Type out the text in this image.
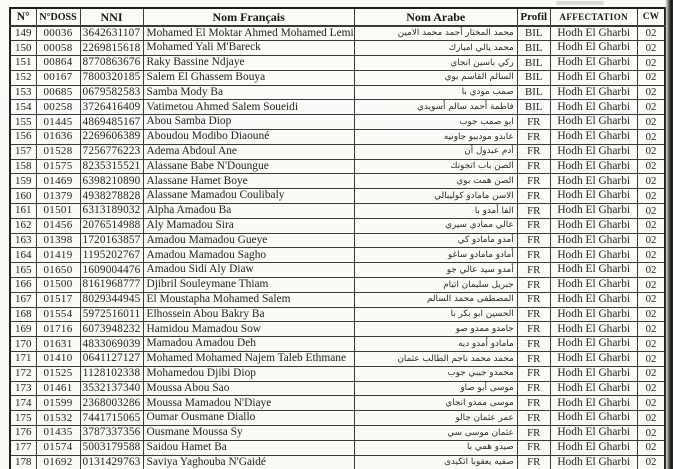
N°	N°DOSS	NNI	Nom Français	Nom Arabe	Profil	AFFECTATION	CW
149	00036	3642631107	Mohamed El Moktar Ahmed Mohamed Lemi	محمد المختار أحمد محمد الامين	BIL	Hodh El Gharbi	02
150	00058	2269815618	Mohamed Yali M'Bareck	محمد يالي امبارك	BIL	Hodh El Gharbi	02
151	00864	8770863676	Raky Bassine Ndjaye	ركي باسين انجاي	BIL	Hodh El Gharbi	02
152	00167	7800320185	Salem El Ghassem Bouya	السالم القاسم بوي	BIL	Hodh El Gharbi	02
153	00685	0679582583	Samba Mody Ba	صمب مودي با	BIL	Hodh El Gharbi	02
154	00258	3726416409	Vatimetou Ahmed Salem Soueidi	فاطمة أحمد سالم أسويدي	BIL	Hodh El Gharbi	02
155	01445	4869485167	Abou Samba Diop	ابو صمب جوب	FR	Hodh El Gharbi	02
156	01636	2269606389	Aboudou Modibo Diaouné	عابدو موديبو جاونيه	FR	Hodh El Gharbi	02
157	01528	7256776223	Adema Abdoul Ane	أدم عبدول أن	FR	Hodh El Gharbi	02
158	01575	8235315521	Alassane Babe N'Doungue	الصن باب اتجونك	FR	Hodh El Gharbi	02
159	01469	6398210890	Alassane Hamet Boye	الصن همت بوي	FR	Hodh El Gharbi	02
160	01379	4938278828	Alassane Mamadou Coulibaly	الاسن مامادو كوليبالي	FR	Hodh El Gharbi	02
161	01501	6313189032	Alpha Amadou Ba	الفا أمدو با	FR	Hodh El Gharbi	02
162	01456	2076514988	Aly Mamadou Sira	عالي ممادي سيري	FR	Hodh El Gharbi	02
163	01398	1720163857	Amadou Mamadou Gueye	أمدو مامادو كي	FR	Hodh El Gharbi	02
164	01419	1195202767	Amadou Mamadou Sagho	أمادو مامادو ساغو	FR	Hodh El Gharbi	02
165	01650	1609004476	Amadou Sidi Aly Diaw	أمدو سيد عالي جو	FR	Hodh El Gharbi	02
166	01500	8161968777	Djibril Souleymane Thiam	جبريل سليمان اتيام	FR	Hodh El Gharbi	02
167	01517	8029344945	El Moustapha Mohamed Salem	المصطفى محمد السالم	FR	Hodh El Gharbi	02
168	01554	5972516011	Elhossein Abou Bakry Ba	الحسين ابو بكر با	FR	Hodh El Gharbi	02
169	01716	6073948232	Hamidou Mamadou Sow	حامدو ممدو صو	FR	Hodh El Gharbi	02
170	01631	4833069039	Mamadou Amadou Deh	مامادو أمدو ديه	FR	Hodh El Gharbi	02
171	01410	0641127127	Mohamed Mohamed Najem Taleb Ethmane	محمد محمد ناجم الطالب عثمان	FR	Hodh El Gharbi	02
172	01525	1128102338	Mohamedou Djibi Diop	محمدو جيبي جوب	FR	Hodh El Gharbi	02
173	01461	3532137340	Moussa Abou Sao	موسى أبو صاو	FR	Hodh El Gharbi	02
174	01599	2368003286	Moussa Mamadou N'Diaye	موسى ممدو انجاي	FR	Hodh El Gharbi	02
175	01532	7441715065	Oumar Ousmane Diallo	عمر عثمان جالو	FR	Hodh El Gharbi	02
176	01435	3787337356	Ousmane Moussa Sy	عثمان موسى سي	FR	Hodh El Gharbi	02
177	01574	5003179588	Saidou Hamet Ba	صيدو همي با	FR	Hodh El Gharbi	02
178	01692	0131429763	Saviya Yaghouba N'Gaidé	صفيه يعقوبا اتكيدى	FR	Hodh El Gharbi	02
